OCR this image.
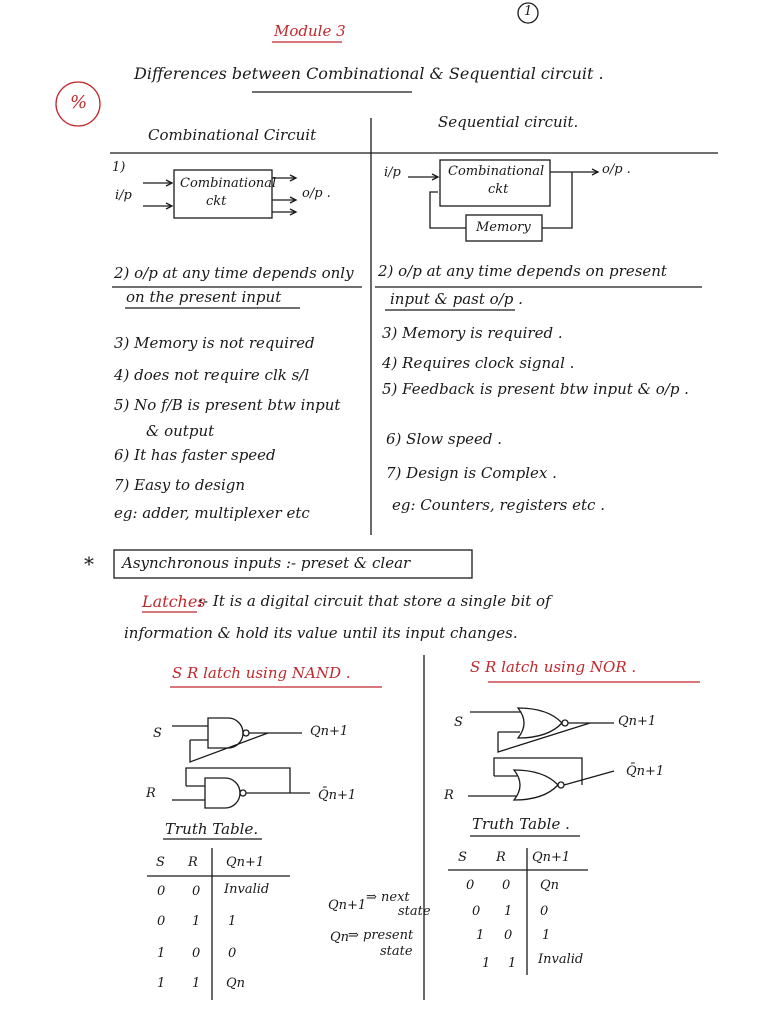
1
Module 3
%
Differences between Combinational & Sequential circuit .
Combinational Circuit
Sequential circuit.
1)
i/p
Combinational
ckt
o/p .
i/p	Combinational
ckt
o/p .
Memory
2) o/p at any time depends only
on the present input
3) Memory is not required
4) does not require clk s/l
5) No f/B is present btw input
& output
6) It has faster speed
7) Easy to design
eg: adder, multiplexer etc
2) o/p at any time depends on present
input & past o/p .
3) Memory is required .
4) Requires clock signal .
5) Feedback is present btw input & o/p .
6) Slow speed .
7) Design is Complex .
eg: Counters, registers etc .
* Asynchronous inputs :- preset & clear
Latches
:- It is a digital circuit that store a single bit of
information & hold its value until its input changes.
S R latch using NAND .
S
R
Qn+1
Q̄n+1
Truth Table.
S R Qn+1
0 0 Invalid
0 1 1
1 0 0
1 1 Qn
Qn+1
⇒ next
state
Qn
⇒ present
state
S R latch using NOR .
S
R
Qn+1
Q̄n+1
Truth Table .
S R Qn+1
0 0 Qn
0 1 0
1 0 1
1 1 Invalid
